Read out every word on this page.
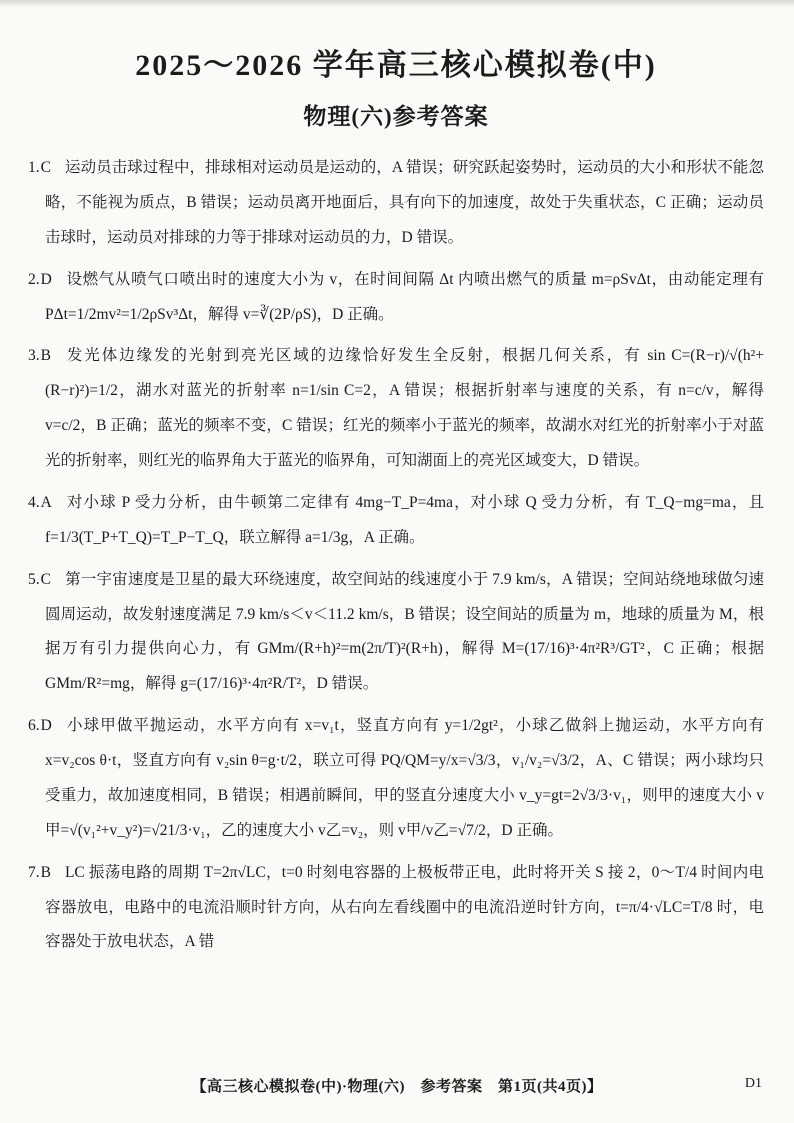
2025～2026 学年高三核心模拟卷(中)
物理(六)参考答案

1.C 运动员击球过程中，排球相对运动员是运动的，A 错误；研究跃起姿势时，运动员的大小和形状不能忽略，不能视为质点，B 错误；运动员离开地面后，具有向下的加速度，故处于失重状态，C 正确；运动员击球时，运动员对排球的力等于排球对运动员的力，D 错误。

2.D 设燃气从喷气口喷出时的速度大小为 v，在时间间隔 Δt 内喷出燃气的质量 m=ρSvΔt，由动能定理有 PΔt=1/2mv²=1/2ρSv³Δt，解得 v=∛(2P/ρS)，D 正确。

3.B 发光体边缘发的光射到亮光区域的边缘恰好发生全反射，根据几何关系，有 sin C=(R−r)/√(h²+(R−r)²)=1/2，湖水对蓝光的折射率 n=1/sin C=2，A 错误；根据折射率与速度的关系，有 n=c/v，解得 v=c/2，B 正确；蓝光的频率不变，C 错误；红光的频率小于蓝光的频率，故湖水对红光的折射率小于对蓝光的折射率，则红光的临界角大于蓝光的临界角，可知湖面上的亮光区域变大，D 错误。

4.A 对小球 P 受力分析，由牛顿第二定律有 4mg−T_P=4ma，对小球 Q 受力分析，有 T_Q−mg=ma，且 f=1/3(T_P+T_Q)=T_P−T_Q，联立解得 a=1/3g，A 正确。

5.C 第一宇宙速度是卫星的最大环绕速度，故空间站的线速度小于 7.9 km/s，A 错误；空间站绕地球做匀速圆周运动，故发射速度满足 7.9 km/s＜v＜11.2 km/s，B 错误；设空间站的质量为 m，地球的质量为 M，根据万有引力提供向心力，有 GMm/(R+h)²=m(2π/T)²(R+h)，解得 M=(17/16)³·4π²R³/GT²，C 正确；根据 GMm/R²=mg，解得 g=(17/16)³·4π²R/T²，D 错误。

6.D 小球甲做平抛运动，水平方向有 x=v₁t，竖直方向有 y=1/2gt²，小球乙做斜上抛运动，水平方向有 x=v₂cos θ·t，竖直方向有 v₂sin θ=g·t/2，联立可得 PQ/QM=y/x=√3/3，v₁/v₂=√3/2，A、C 错误；两小球均只受重力，故加速度相同，B 错误；相遇前瞬间，甲的竖直分速度大小 v_y=gt=2√3/3·v₁，则甲的速度大小 v甲=√(v₁²+v_y²)=√21/3·v₁，乙的速度大小 v乙=v₂，则 v甲/v乙=√7/2，D 正确。

7.B LC 振荡电路的周期 T=2π√LC，t=0 时刻电容器的上极板带正电，此时将开关 S 接 2，0～T/4 时间内电容器放电，电路中的电流沿顺时针方向，从右向左看线圈中的电流沿逆时针方向，t=π/4·√LC=T/8 时，电容器处于放电状态，A 错

【高三核心模拟卷(中)·物理(六)　参考答案　第1页(共4页)】	D1
